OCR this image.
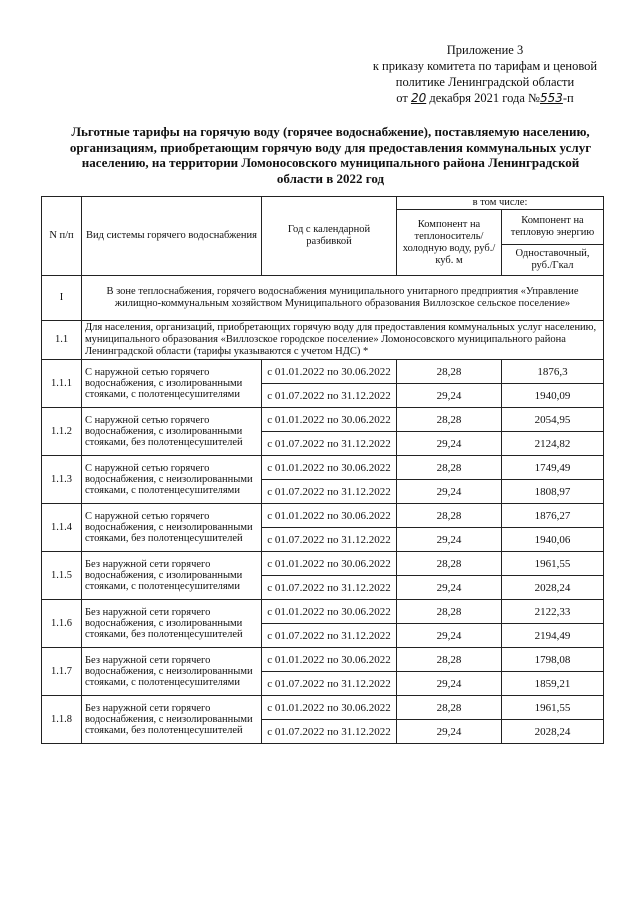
Приложение 3
к приказу комитета по тарифам и ценовой
политике Ленинградской области
от 20 декабря 2021 года №553-п
Льготные тарифы на горячую воду (горячее водоснабжение), поставляемую населению, организациям, приобретающим горячую воду для предоставления коммунальных услуг населению, на территории Ломоносовского муниципального района Ленинградской области в 2022 год
N п/п	Вид системы горячего водоснабжения	Год с календарной разбивкой	в том числе:	
			Компонент на теплоноситель/холодную воду, руб./куб. м	Компонент на тепловую энергию
				Одноставочный, руб./Гкал
I	В зоне теплоснабжения, горячего водоснабжения муниципального унитарного предприятия «Управление жилищно-коммунальным хозяйством Муниципального образования Виллозское сельское поселение»			
1.1	Для населения, организаций, приобретающих горячую воду для предоставления коммунальных услуг населению, муниципального образования «Виллозское городское поселение» Ломоносовского муниципального района Ленинградской области (тарифы указываются с учетом НДС) *			
1.1.1	С наружной сетью горячего водоснабжения, с изолированными стояками, с полотенцесушителями	с 01.01.2022 по 30.06.2022	28,28	1876,3
		с 01.07.2022 по 31.12.2022	29,24	1940,09
1.1.2	С наружной сетью горячего водоснабжения, с изолированными стояками, без полотенцесушителей	с 01.01.2022 по 30.06.2022	28,28	2054,95
		с 01.07.2022 по 31.12.2022	29,24	2124,82
1.1.3	С наружной сетью горячего водоснабжения, с неизолированными стояками, с полотенцесушителями	с 01.01.2022 по 30.06.2022	28,28	1749,49
		с 01.07.2022 по 31.12.2022	29,24	1808,97
1.1.4	С наружной сетью горячего водоснабжения, с неизолированными стояками, без полотенцесушителей	с 01.01.2022 по 30.06.2022	28,28	1876,27
		с 01.07.2022 по 31.12.2022	29,24	1940,06
1.1.5	Без наружной сети горячего водоснабжения, с изолированными стояками, с полотенцесушителями	с 01.01.2022 по 30.06.2022	28,28	1961,55
		с 01.07.2022 по 31.12.2022	29,24	2028,24
1.1.6	Без наружной сети горячего водоснабжения, с изолированными стояками, без полотенцесушителей	с 01.01.2022 по 30.06.2022	28,28	2122,33
		с 01.07.2022 по 31.12.2022	29,24	2194,49
1.1.7	Без наружной сети горячего водоснабжения, с неизолированными стояками, с полотенцесушителями	с 01.01.2022 по 30.06.2022	28,28	1798,08
		с 01.07.2022 по 31.12.2022	29,24	1859,21
1.1.8	Без наружной сети горячего водоснабжения, с неизолированными стояками, без полотенцесушителей	с 01.01.2022 по 30.06.2022	28,28	1961,55
		с 01.07.2022 по 31.12.2022	29,24	2028,24
